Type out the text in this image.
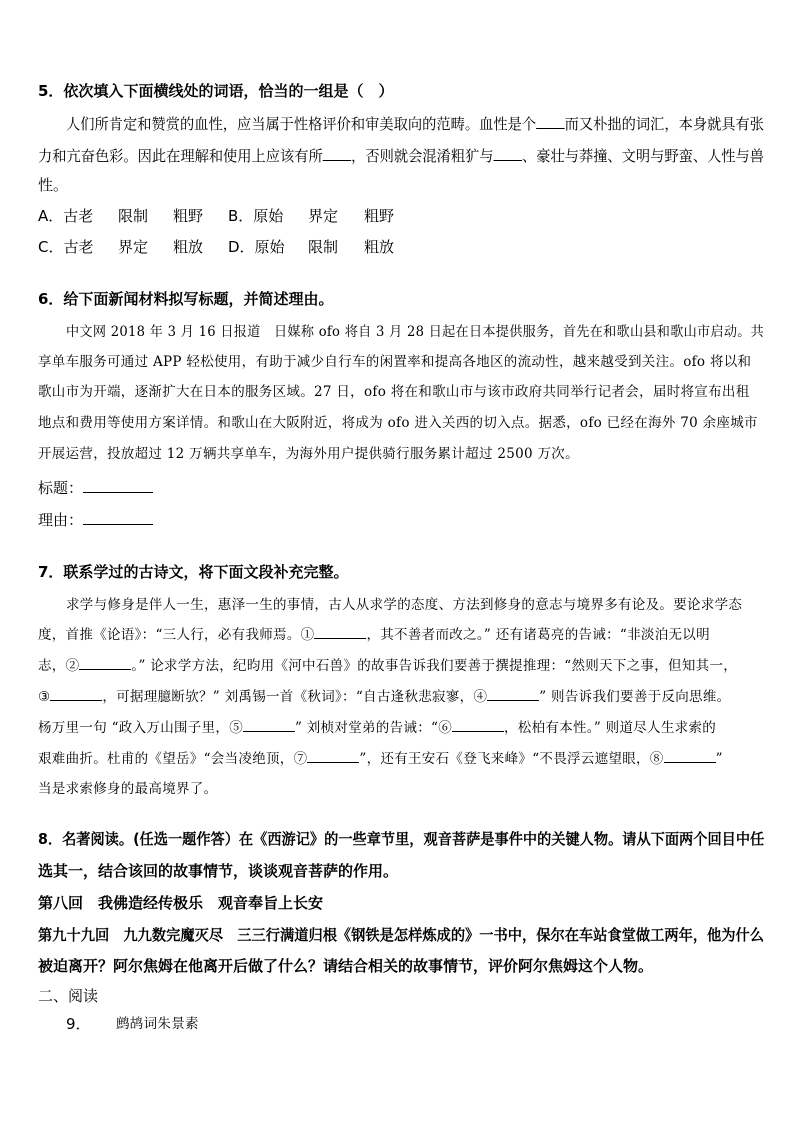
5．依次填入下面横线处的词语，恰当的一组是（　）
人们所肯定和赞赏的血性，应当属于性格评价和审美取向的范畴。血性是个 而又朴拙的词汇，本身就具有张
力和亢奋色彩。因此在理解和使用上应该有所 ，否则就会混淆粗犷与 、豪壮与莽撞、文明与野蛮、人性与兽
性。
A．古老	限制 粗野 B．原始 界定 粗野
C．古老 界定 粗放 D．原始 限制 粗放
6．给下面新闻材料拟写标题，并简述理由。
中文网 2018 年 3 月 16 日报道　日媒称 ofo 将自 3 月 28 日起在日本提供服务，首先在和歌山县和歌山市启动。共
享单车服务可通过 APP 轻松使用，有助于减少自行车的闲置率和提高各地区的流动性，越来越受到关注。ofo 将以和
歌山市为开端，逐渐扩大在日本的服务区域。27 日，ofo 将在和歌山市与该市政府共同举行记者会，届时将宣布出租
地点和费用等使用方案详情。和歌山在大阪附近，将成为 ofo 进入关西的切入点。据悉，ofo 已经在海外 70 余座城市
开展运营，投放超过 12 万辆共享单车，为海外用户提供骑行服务累计超过 2500 万次。
标题：
理由：
7．联系学过的古诗文，将下面文段补充完整。
求学与修身是伴人一生，惠泽一生的事情，古人从求学的态度、方法到修身的意志与境界多有论及。要论求学态
度，首推《论语》：“三人行，必有我师焉。①	，其不善者而改之。” 还有诸葛亮的告诫：“非淡泊无以明
志，②	。” 论求学方法，纪昀用《河中石兽》的故事告诉我们要善于撰提推理：“然则天下之事，但知其一，
③	，可据理臆断欤？” 刘禹锡一首《秋词》：“自古逢秋悲寂寥，④	” 则告诉我们要善于反向思维。
杨万里一句 “政入万山围子里，⑤	” 刘桢对堂弟的告诫：“⑥	，松柏有本性。” 则道尽人生求索的
艰难曲折。杜甫的《望岳》“会当凌绝顶，⑦	”，还有王安石《登飞来峰》“不畏浮云遮望眼，⑧	”
当是求索修身的最高境界了。
8．名著阅读。(任选一题作答）在《西游记》的一些章节里，观音菩萨是事件中的关键人物。请从下面两个回目中任
选其一，结合该回的故事情节，谈谈观音菩萨的作用。
第八回　我佛造经传极乐　观音奉旨上长安
第九十九回　九九数完魔灭尽　三三行满道归根《钢铁是怎样炼成的》一书中，保尔在车站食堂做工两年，他为什么
被迫离开？阿尔焦姆在他离开后做了什么？请结合相关的故事情节，评价阿尔焦姆这个人物。
二、阅读
9． 鹧鸪词朱景素
